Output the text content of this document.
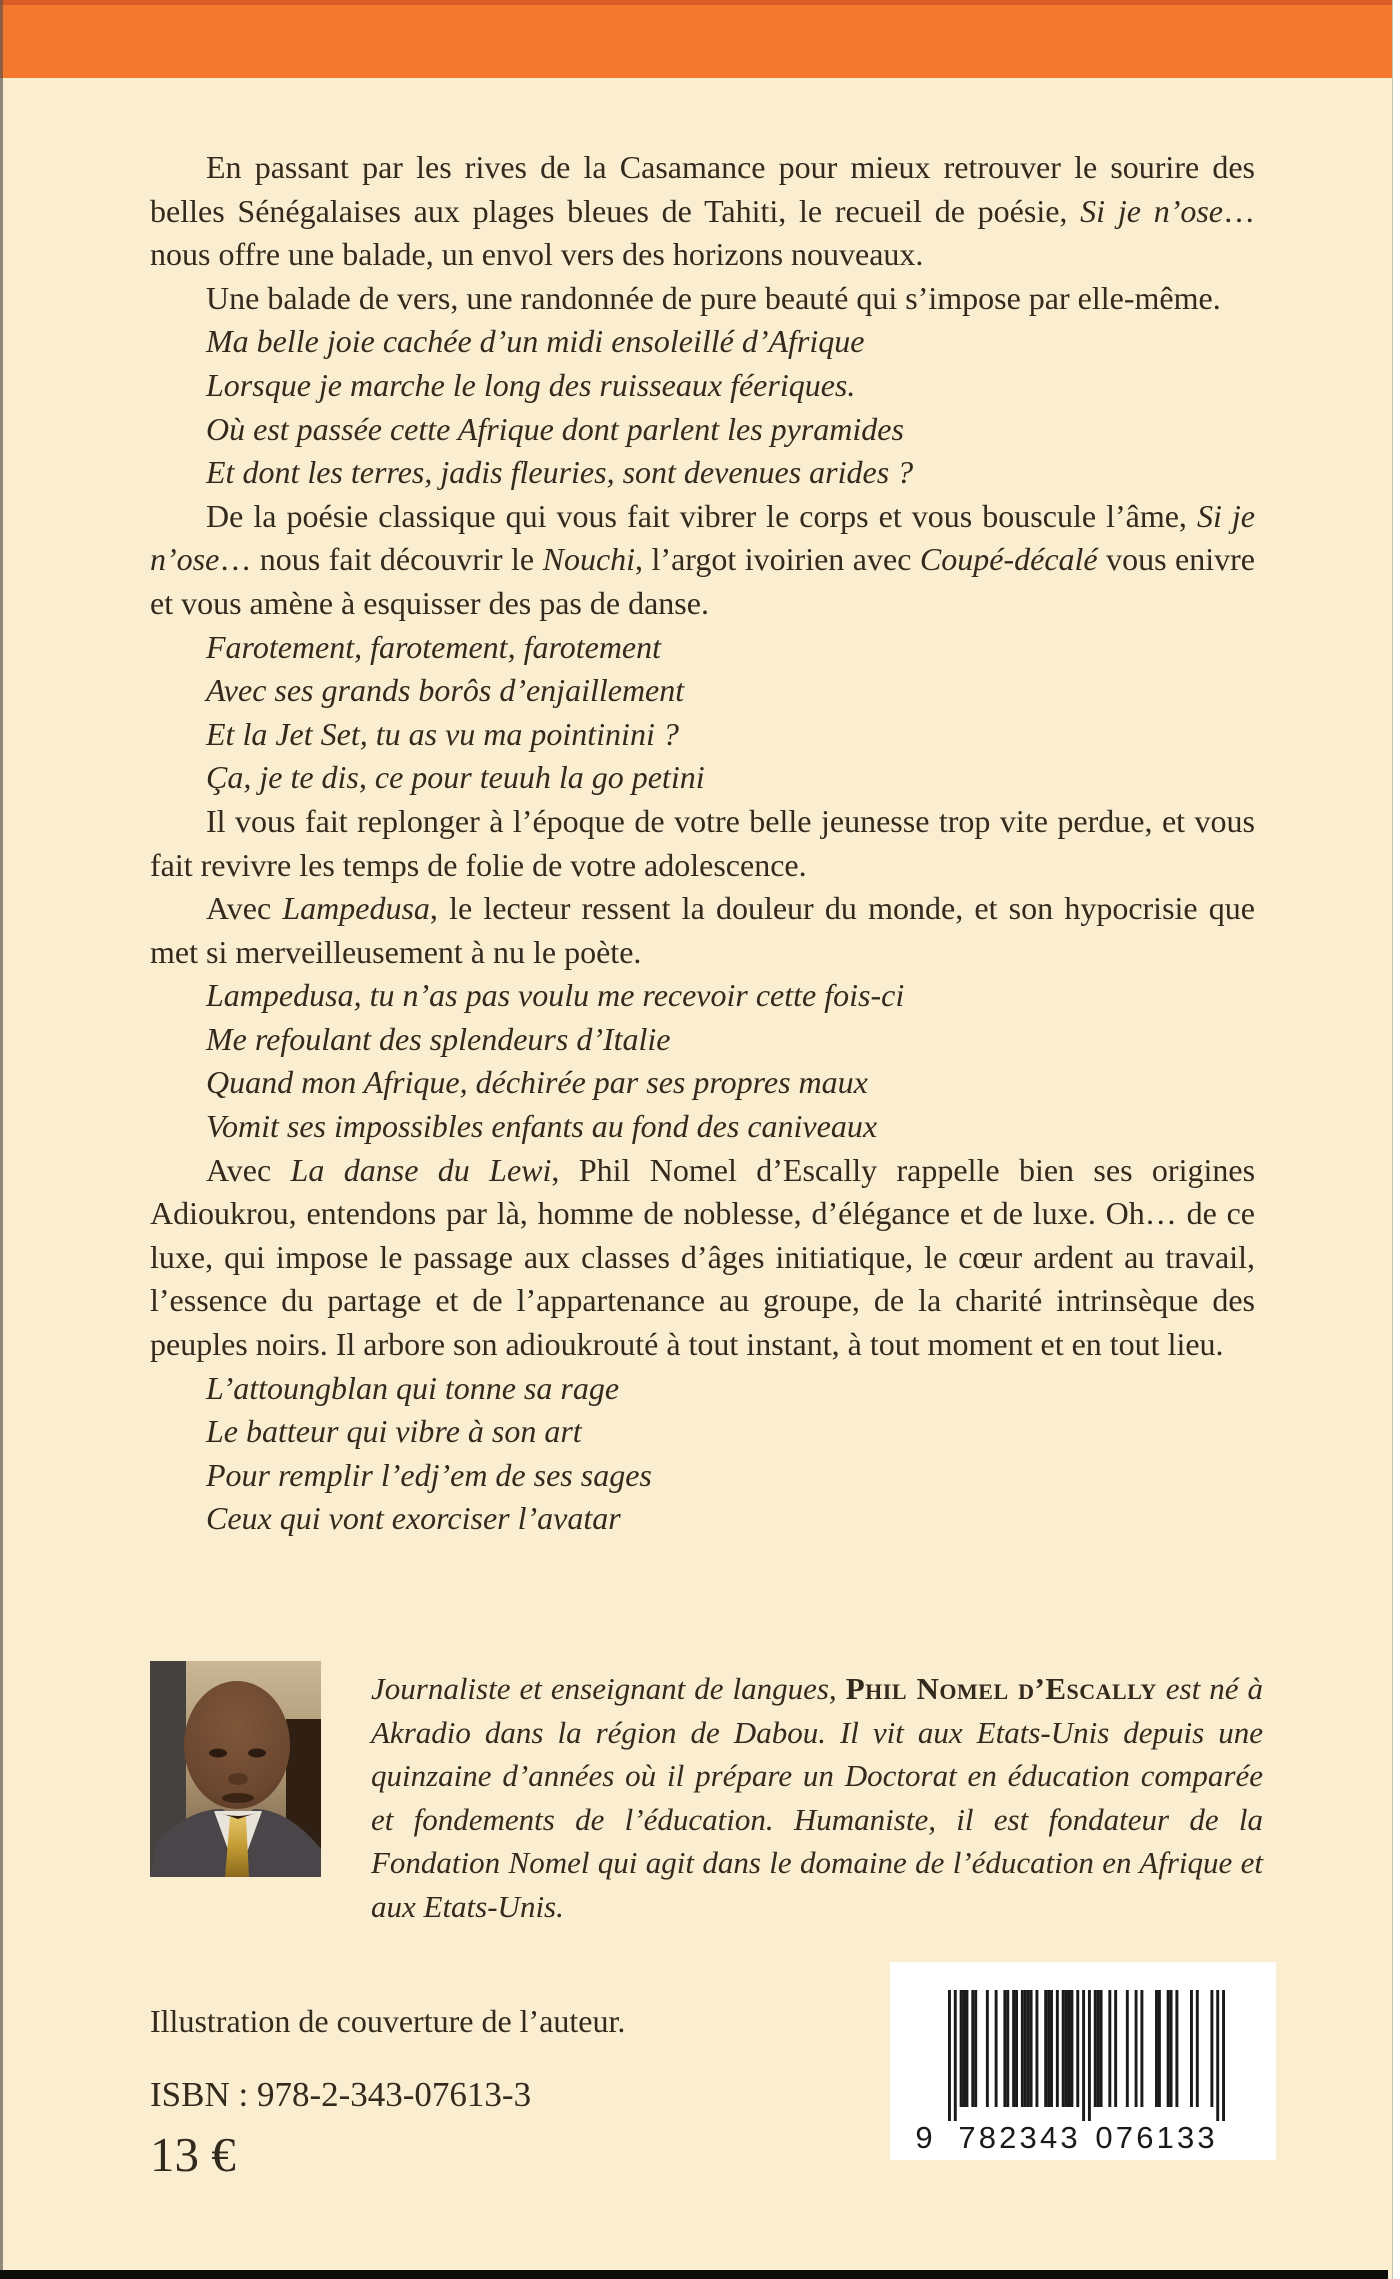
En passant par les rives de la Casamance pour mieux retrouver le sourire des belles Sénégalaises aux plages bleues de Tahiti, le recueil de poésie, Si je n’ose… nous offre une balade, un envol vers des horizons nouveaux.

Une balade de vers, une randonnée de pure beauté qui s’impose par elle-même.

Ma belle joie cachée d’un midi ensoleillé d’Afrique

Lorsque je marche le long des ruisseaux féeriques.

Où est passée cette Afrique dont parlent les pyramides

Et dont les terres, jadis fleuries, sont devenues arides ?

De la poésie classique qui vous fait vibrer le corps et vous bouscule l’âme, Si je n’ose… nous fait découvrir le Nouchi, l’argot ivoirien avec Coupé-décalé vous enivre et vous amène à esquisser des pas de danse.

Farotement, farotement, farotement

Avec ses grands borôs d’enjaillement

Et la Jet Set, tu as vu ma pointinini ?

Ça, je te dis, ce pour teuuh la go petini

Il vous fait replonger à l’époque de votre belle jeunesse trop vite perdue, et vous fait revivre les temps de folie de votre adolescence.

Avec Lampedusa, le lecteur ressent la douleur du monde, et son hypocrisie que met si merveilleusement à nu le poète.

Lampedusa, tu n’as pas voulu me recevoir cette fois-ci

Me refoulant des splendeurs d’Italie

Quand mon Afrique, déchirée par ses propres maux

Vomit ses impossibles enfants au fond des caniveaux

Avec La danse du Lewi, Phil Nomel d’Escally rappelle bien ses origines Adioukrou, entendons par là, homme de noblesse, d’élégance et de luxe. Oh… de ce luxe, qui impose le passage aux classes d’âges initiatique, le cœur ardent au travail, l’essence du partage et de l’appartenance au groupe, de la charité intrinsèque des peuples noirs. Il arbore son adioukrouté à tout instant, à tout moment et en tout lieu.

L’attoungblan qui tonne sa rage

Le batteur qui vibre à son art

Pour remplir l’edj’em de ses sages

Ceux qui vont exorciser l’avatar

Journaliste et enseignant de langues, Phil Nomel d’Escally est né à Akradio dans la région de Dabou. Il vit aux Etats-Unis depuis une quinzaine d’années où il prépare un Doctorat en éducation comparée et fondements de l’éducation. Humaniste, il est fondateur de la Fondation Nomel qui agit dans le domaine de l’éducation en Afrique et aux Etats-Unis.
Illustration de couverture de l’auteur.
ISBN : 978-2-343-07613-3
13 €	9 7 8 2 3 4 3 0 7 6 1 3 3
